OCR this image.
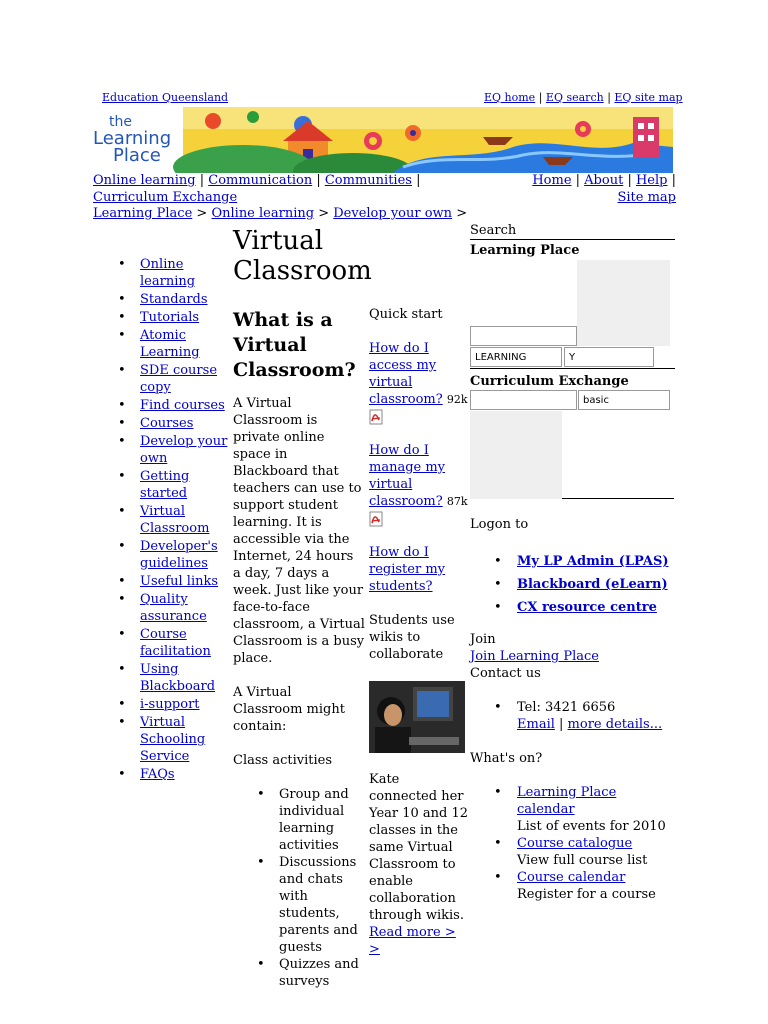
Education Queensland	EQ home | EQ search | EQ site map
the
Learning
Place
Online learning | Communication | Communities |
Curriculum Exchange
Home | About | Help | Site map
Learning Place > Online learning > Develop your own >
• Online learning
• Standards
• Tutorials
• Atomic Learning
• SDE course copy
• Find courses
• Courses
• Develop your own
• Getting started
• Virtual Classroom
• Developer's guidelines
• Useful links
• Quality assurance
• Course facilitation
• Using Blackboard
• i-support
• Virtual Schooling Service
• FAQs
Virtual Classroom
What is a Virtual Classroom?

A Virtual Classroom is private online space in Blackboard that teachers can use to support student learning. It is accessible via the Internet, 24 hours a day, 7 days a week. Just like your face-to-face classroom, a Virtual Classroom is a busy place.

A Virtual Classroom might contain:

Class activities

• Group and individual learning activities
• Discussions and chats with students, parents and guests
• Quizzes and surveys
Quick start
How do I access my virtual classroom? 92k

How do I manage my virtual classroom? 87k

How do I register my students?
Students use wikis to collaborate
Kate connected her Year 10 and 12 classes in the same Virtual Classroom to enable collaboration through wikis.
Read more > >
Search
Learning Place
LEARNING	Y
Curriculum Exchange
basic
Logon to
• My LP Admin (LPAS)
• Blackboard (eLearn)
• CX resource centre
Join
Join Learning Place
Contact us
• Tel: 3421 6656
Email | more details...
What's on?
• Learning Place calendar
List of events for 2010
• Course catalogue
View full course list
• Course calendar
Register for a course
